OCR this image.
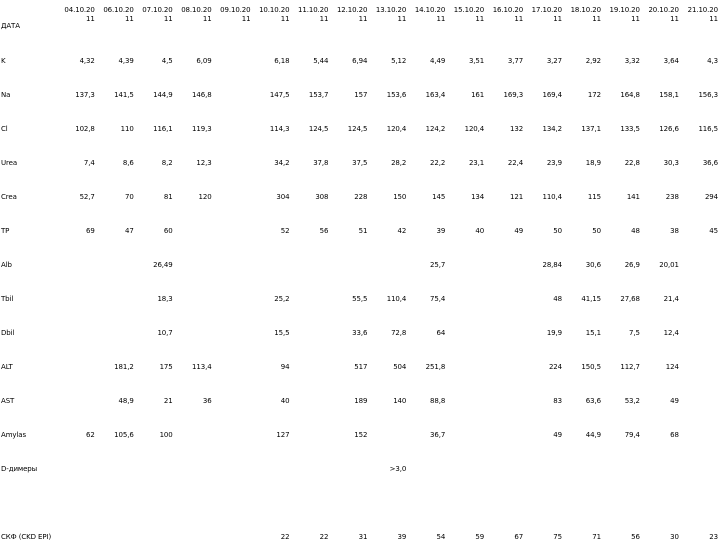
ДАТА	04.10.20 11	06.10.20 11	07.10.20 11	08.10.20 11	09.10.20 11	10.10.20 11	11.10.20 11	12.10.20 11	13.10.20 11	14.10.20 11	15.10.20 11	16.10.20 11	17.10.20 11	18.10.20 11	19.10.20 11	20.10.20 11	21.10.20 11
K	4,32	4,39	4,5	6,09		6,18	5,44	6,94	5,12	4,49	3,51	3,77	3,27	2,92	3,32	3,64	4,3
Na	137,3	141,5	144,9	146,8		147,5	153,7	157	153,6	163,4	161	169,3	169,4	172	164,8	158,1	156,3
Cl	102,8	110	116,1	119,3		114,3	124,5	124,5	120,4	124,2	120,4	132	134,2	137,1	133,5	126,6	116,5
Urea	7,4	8,6	8,2	12,3		34,2	37,8	37,5	28,2	22,2	23,1	22,4	23,9	18,9	22,8	30,3	36,6
Crea	52,7	70	81	120		304	308	228	150	145	134	121	110,4	115	141	238	294
TP	69	47	60			52	56	51	42	39	40	49	50	50	48	38	45
Alb			26,49							25,7			28,84	30,6	26,9	20,01	
Tbil			18,3			25,2		55,5	110,4	75,4			48	41,15	27,68	21,4	
Dbil			10,7			15,5		33,6	72,8	64			19,9	15,1	7,5	12,4	
ALT		181,2	175	113,4		94		517	504	251,8			224	150,5	112,7	124	
AST		48,9	21	36		40		189	140	88,8			83	63,6	53,2	49	
Amylas	62	105,6	100			127		152		36,7			49	44,9	79,4	68	
D-димеры									>3,0								
СКФ (CKD EPI)						22	22	31	39	54	59	67	75	71	56	30	23
